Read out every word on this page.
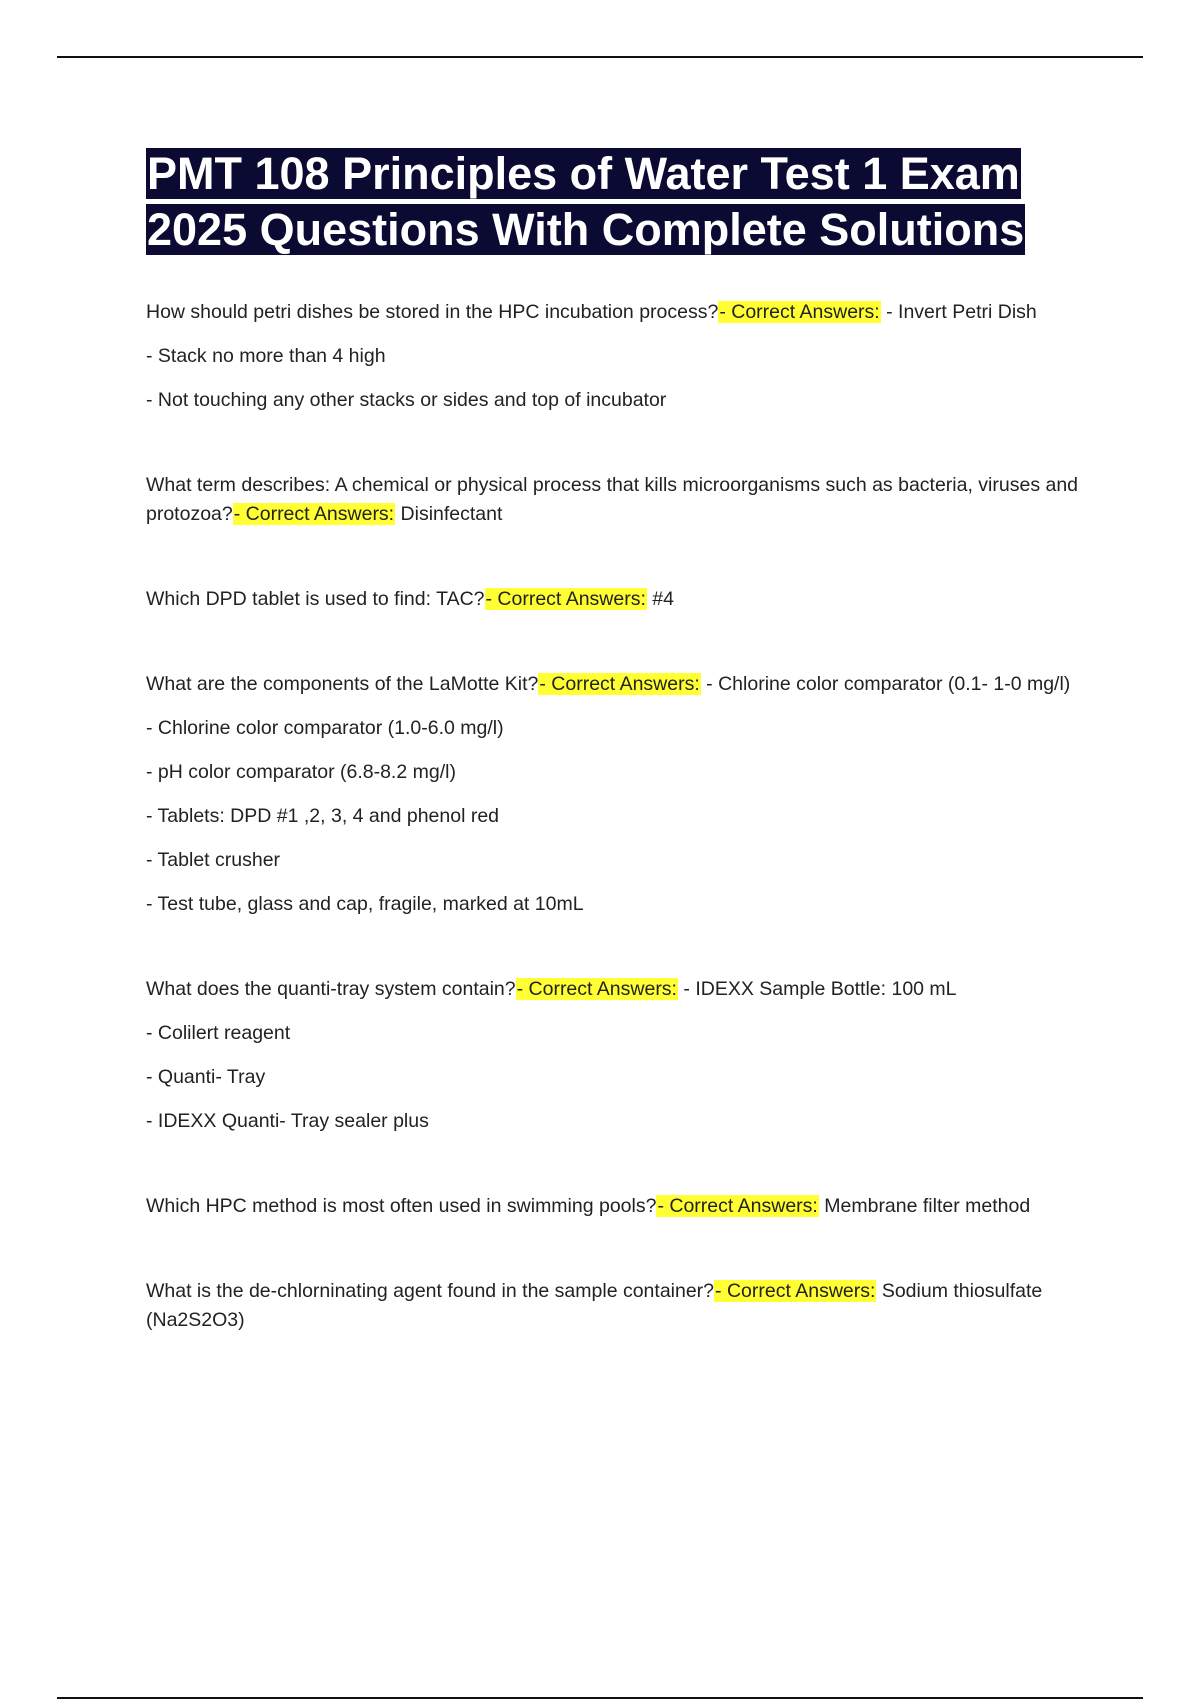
PMT 108 Principles of Water Test 1 Exam 2025 Questions With Complete Solutions

How should petri dishes be stored in the HPC incubation process?- Correct Answers: - Invert Petri Dish

- Stack no more than 4 high

- Not touching any other stacks or sides and top of incubator

What term describes: A chemical or physical process that kills microorganisms such as bacteria, viruses and protozoa?- Correct Answers: Disinfectant

Which DPD tablet is used to find: TAC?- Correct Answers: #4

What are the components of the LaMotte Kit?- Correct Answers: - Chlorine color comparator (0.1- 1-0 mg/l)

- Chlorine color comparator (1.0-6.0 mg/l)

- pH color comparator (6.8-8.2 mg/l)

- Tablets: DPD #1 ,2, 3, 4 and phenol red

- Tablet crusher

- Test tube, glass and cap, fragile, marked at 10mL

What does the quanti-tray system contain?- Correct Answers: - IDEXX Sample Bottle: 100 mL

- Colilert reagent

- Quanti- Tray

- IDEXX Quanti- Tray sealer plus

Which HPC method is most often used in swimming pools?- Correct Answers: Membrane filter method

What is the de-chlorninating agent found in the sample container?- Correct Answers: Sodium thiosulfate (Na2S2O3)
